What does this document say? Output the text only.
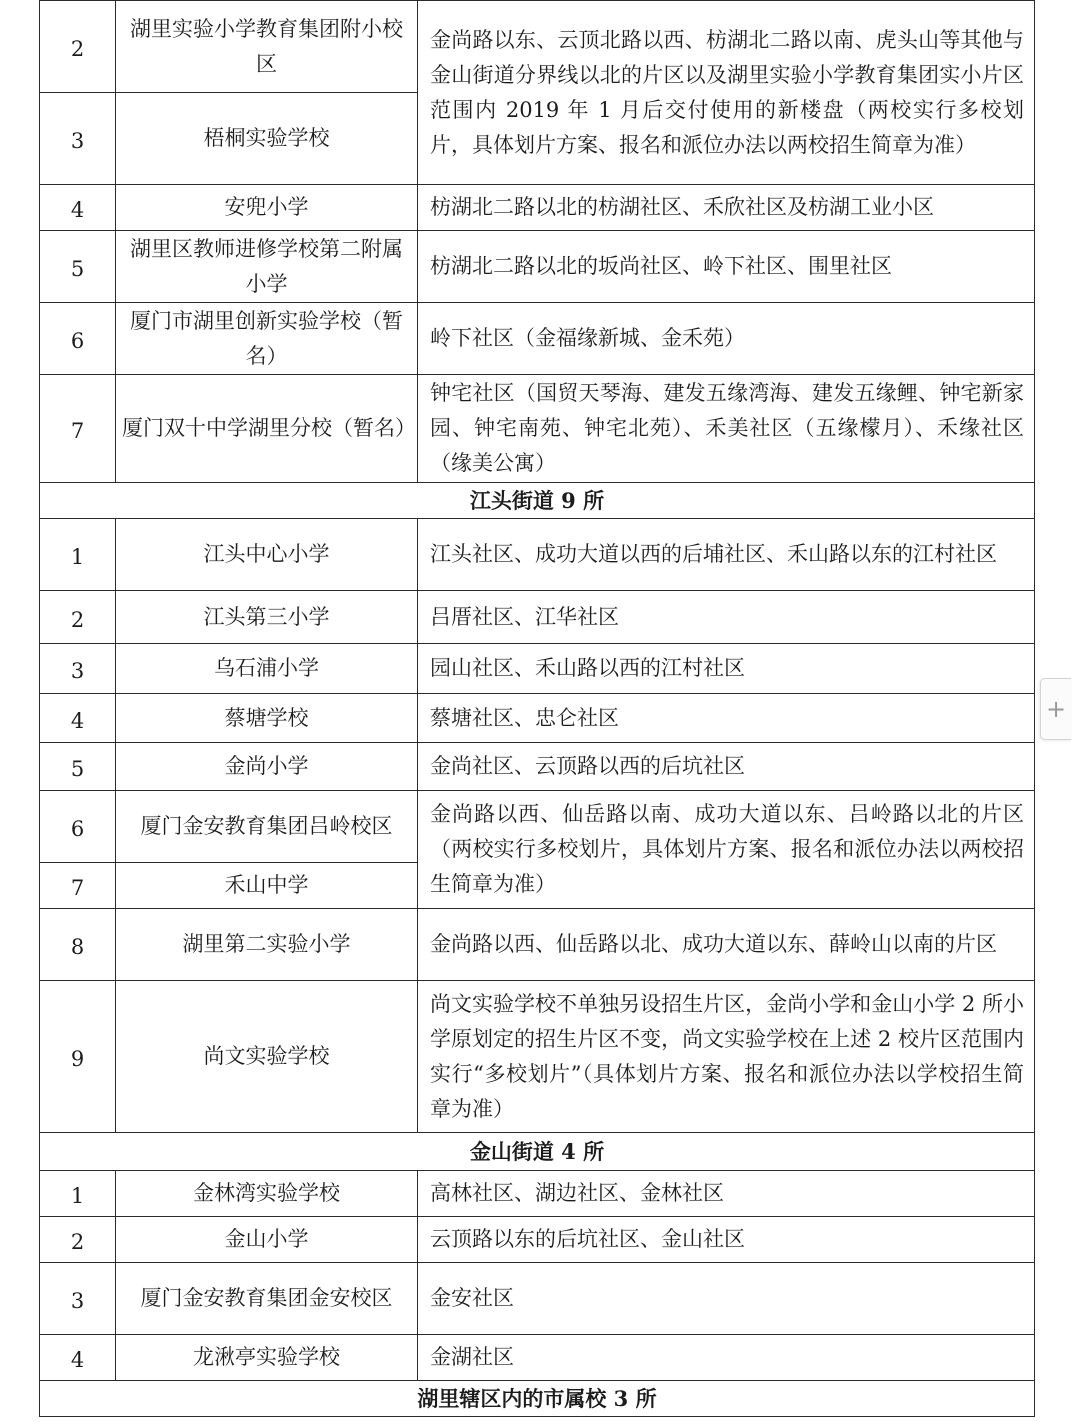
2	湖里实验小学教育集团附小校区	金尚路以东、云顶北路以西、枋湖北二路以南、虎头山等其他与金山街道分界线以北的片区以及湖里实验小学教育集团实小片区范围内 2019 年 1 月后交付使用的新楼盘（两校实行多校划片，具体划片方案、报名和派位办法以两校招生简章为准）
3	梧桐实验学校	
4	安兜小学	枋湖北二路以北的枋湖社区、禾欣社区及枋湖工业小区
5	湖里区教师进修学校第二附属小学	枋湖北二路以北的坂尚社区、岭下社区、围里社区
6	厦门市湖里创新实验学校（暂名）	岭下社区（金福缘新城、金禾苑）
7	厦门双十中学湖里分校（暂名）	钟宅社区（国贸天琴海、建发五缘湾海、建发五缘鲤、钟宅新家园、钟宅南苑、钟宅北苑）、禾美社区（五缘檬月）、禾缘社区（缘美公寓）
江头街道 9 所		
1	江头中心小学	江头社区、成功大道以西的后埔社区、禾山路以东的江村社区
2	江头第三小学	吕厝社区、江华社区
3	乌石浦小学	园山社区、禾山路以西的江村社区
4	蔡塘学校	蔡塘社区、忠仑社区
5	金尚小学	金尚社区、云顶路以西的后坑社区
6	厦门金安教育集团吕岭校区	金尚路以西、仙岳路以南、成功大道以东、吕岭路以北的片区（两校实行多校划片，具体划片方案、报名和派位办法以两校招生简章为准）
7	禾山中学	
8	湖里第二实验小学	金尚路以西、仙岳路以北、成功大道以东、薛岭山以南的片区
9	尚文实验学校	尚文实验学校不单独另设招生片区，金尚小学和金山小学 2 所小学原划定的招生片区不变，尚文实验学校在上述 2 校片区范围内实行“多校划片”（具体划片方案、报名和派位办法以学校招生简章为准）
金山街道 4 所		
1	金林湾实验学校	高林社区、湖边社区、金林社区
2	金山小学	云顶路以东的后坑社区、金山社区
3	厦门金安教育集团金安校区	金安社区
4	龙湫亭实验学校	金湖社区
湖里辖区内的市属校 3 所		
+
